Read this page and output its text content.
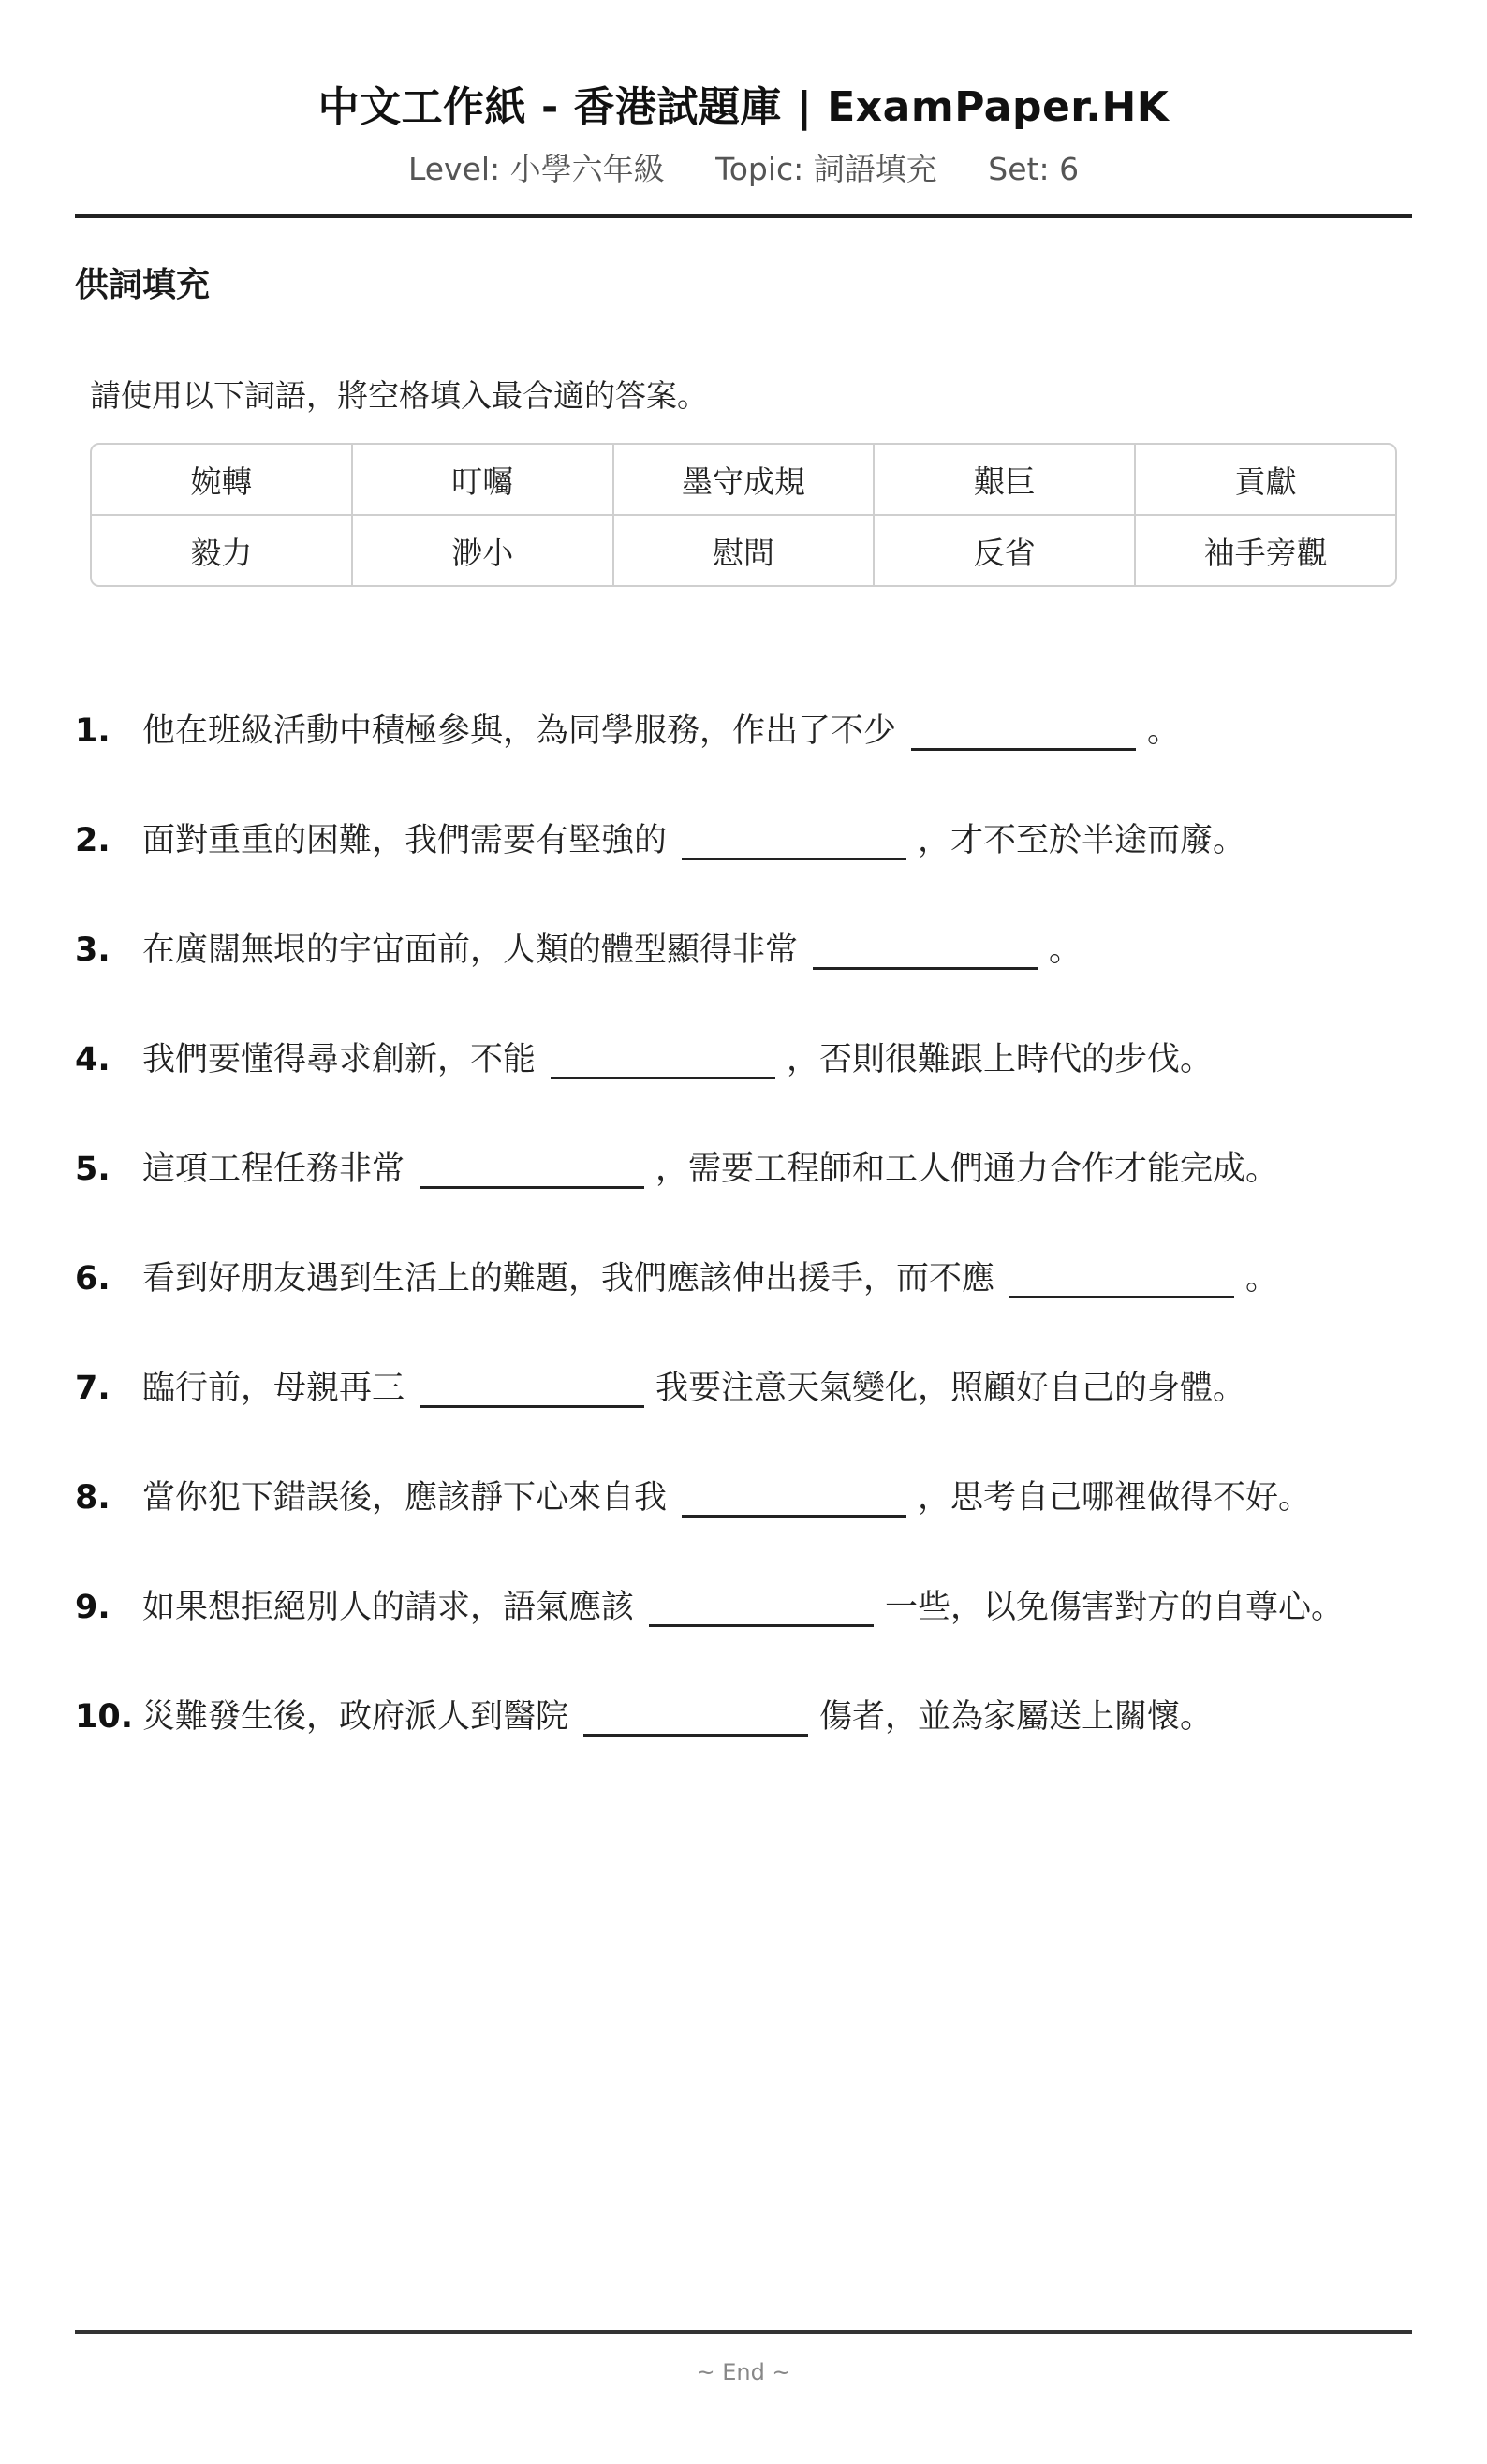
中文工作紙 - 香港試題庫 | ExamPaper.HK
Level: 小學六年級 Topic: 詞語填充 Set: 6
供詞填充
請使用以下詞語，將空格填入最合適的答案。
婉轉	叮囑	墨守成規	艱巨	貢獻
毅力	渺小	慰問	反省	袖手旁觀
1. 他在班級活動中積極參與，為同學服務，作出了不少	。
2. 面對重重的困難，我們需要有堅強的	，才不至於半途而廢。
3. 在廣闊無垠的宇宙面前，人類的體型顯得非常	。
4. 我們要懂得尋求創新，不能	，否則很難跟上時代的步伐。
5. 這項工程任務非常	，需要工程師和工人們通力合作才能完成。
6. 看到好朋友遇到生活上的難題，我們應該伸出援手，而不應	。
7. 臨行前，母親再三	我要注意天氣變化，照顧好自己的身體。
8. 當你犯下錯誤後，應該靜下心來自我	，思考自己哪裡做得不好。
9. 如果想拒絕別人的請求，語氣應該	一些，以免傷害對方的自尊心。
10. 災難發生後，政府派人到醫院	傷者，並為家屬送上關懷。
~ End ~
